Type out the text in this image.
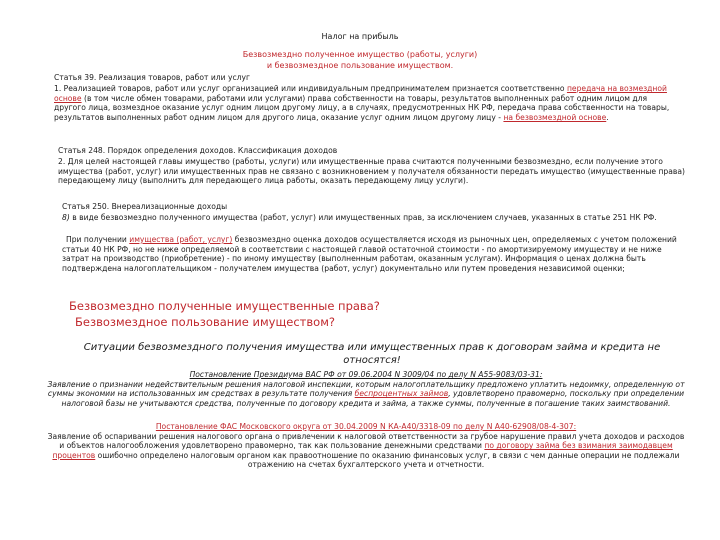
Налог на прибыль
Безвозмездно полученное имущество (работы, услуги)
и безвозмездное пользование имуществом.
Статья 39. Реализация товаров, работ или услуг
1. Реализацией товаров, работ или услуг организацией или индивидуальным предпринимателем признается соответственно передача на возмездной основе (в том числе обмен товарами, работами или услугами) права собственности на товары, результатов выполненных работ одним лицом для другого лица, возмездное оказание услуг одним лицом другому лицу, а в случаях, предусмотренных НК РФ, передача права собственности на товары, результатов выполненных работ одним лицом для другого лица, оказание услуг одним лицом другому лицу - на безвозмездной основе.
Статья 248. Порядок определения доходов. Классификация доходов
2. Для целей настоящей главы имущество (работы, услуги) или имущественные права считаются полученными безвозмездно, если получение этого имущества (работ, услуг) или имущественных прав не связано с возникновением у получателя обязанности передать имущество (имущественные права) передающему лицу (выполнить для передающего лица работы, оказать передающему лицу услуги).
Статья 250. Внереализационные доходы
8) в виде безвозмездно полученного имущества (работ, услуг) или имущественных прав, за исключением случаев, указанных в статье 251 НК РФ.
При получении имущества (работ, услуг) безвозмездно оценка доходов осуществляется исходя из рыночных цен, определяемых с учетом положений статьи 40 НК РФ, но не ниже определяемой в соответствии с настоящей главой остаточной стоимости - по амортизируемому имуществу и не ниже затрат на производство (приобретение) - по иному имуществу (выполненным работам, оказанным услугам). Информация о ценах должна быть подтверждена налогоплательщиком - получателем имущества (работ, услуг) документально или путем проведения независимой оценки;
Безвозмездно полученные имущественные права?
Безвозмездное пользование имуществом?
Ситуации безвозмездного получения имущества или имущественных прав к договорам займа и кредита не относятся!
Постановление Президиума ВАС РФ от 09.06.2004 N 3009/04 по делу N А55-9083/03-31:
Заявление о признании недействительным решения налоговой инспекции, которым налогоплательщику предложено уплатить недоимку, определенную от суммы экономии на использованных им средствах в результате получения беспроцентных займов, удовлетворено правомерно, поскольку при определении налоговой базы не учитываются средства, полученные по договору кредита и займа, а также суммы, полученные в погашение таких заимствований.
Постановление ФАС Московского округа от 30.04.2009 N КА-А40/3318-09 по делу N А40-62908/08-4-307:
Заявление об оспаривании решения налогового органа о привлечении к налоговой ответственности за грубое нарушение правил учета доходов и расходов и объектов налогообложения удовлетворено правомерно, так как пользование денежными средствами по договору займа без взимания заимодавцем процентов ошибочно определено налоговым органом как правоотношение по оказанию финансовых услуг, в связи с чем данные операции не подлежали отражению на счетах бухгалтерского учета и отчетности.
